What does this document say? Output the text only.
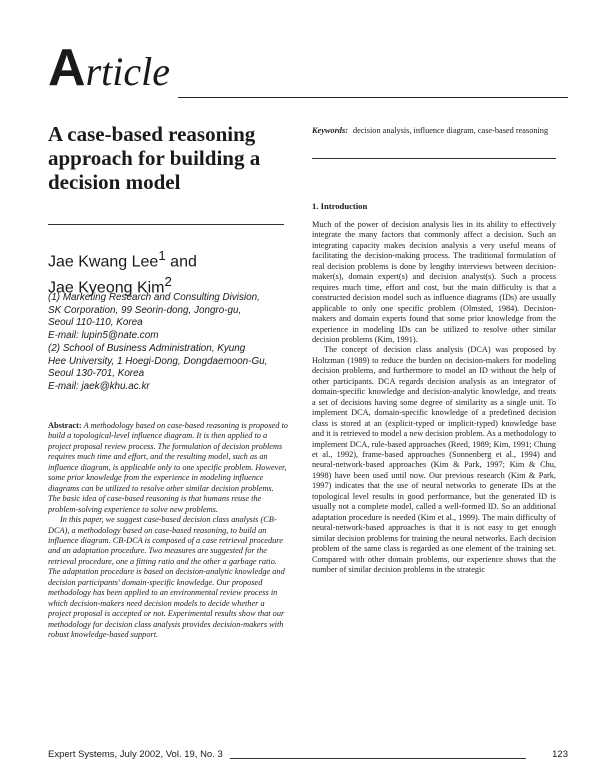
Article
A case-based reasoning approach for building a decision model
Jae Kwang Lee$^1$ and
Jae Kyeong Kim$^2$
(1) Marketing Research and Consulting Division,
SK Corporation, 99 Seorin-dong, Jongro-gu,
Seoul 110-110, Korea
E-mail: lupin5@nate.com
(2) School of Business Administration, Kyung
Hee University, 1 Hoegi-Dong, Dongdaemoon-Gu,
Seoul 130-701, Korea
E-mail: jaek@khu.ac.kr

Abstract: A methodology based on case-based reasoning is proposed to build a topological-level influence diagram. It is then applied to a project proposal review process. The formulation of decision problems requires much time and effort, and the resulting model, such as an influence diagram, is applicable only to one specific problem. However, some prior knowledge from the experience in modeling influence diagrams can be utilized to resolve other similar decision problems. The basic idea of case-based reasoning is that humans reuse the problem-solving experience to solve new problems.

In this paper, we suggest case-based decision class analysis (CB-DCA), a methodology based on case-based reasoning, to build an influence diagram. CB-DCA is composed of a case retrieval procedure and an adaptation procedure. Two measures are suggested for the retrieval procedure, one a fitting ratio and the other a garbage ratio. The adaptation procedure is based on decision-analytic knowledge and decision participants' domain-specific knowledge. Our proposed methodology has been applied to an environmental review process in which decision-makers need decision models to decide whether a project proposal is accepted or not. Experimental results show that our methodology for decision class analysis provides decision-makers with robust knowledge-based support.

Keywords: decision analysis, influence diagram, case-based reasoning
1. Introduction

Much of the power of decision analysis lies in its ability to effectively integrate the many factors that commonly affect a decision. Such an integrating capacity makes decision analysis a very useful means of facilitating the decision-making process. The traditional formulation of real decision problems is done by lengthy interviews between decision-maker(s), domain expert(s) and decision analyst(s). Such a process requires much time, effort and cost, but the main difficulty is that a constructed decision model such as influence diagrams (IDs) are usually applicable to only one specific problem (Olmsted, 1984). Decision-makers and domain experts found that some prior knowledge from the experience in modeling IDs can be utilized to resolve other similar decision problems (Kim, 1991).

The concept of decision class analysis (DCA) was proposed by Holtzman (1989) to reduce the burden on decision-makers for modeling decision problems, and furthermore to model an ID without the help of other participants. DCA regards decision analysis as an integrator of domain-specific knowledge and decision-analytic knowledge, and treats a set of decisions having some degree of similarity as a single unit. To implement DCA, domain-specific knowledge of a predefined decision class is stored at an (explicit-typed or implicit-typed) knowledge base and it is retrieved to model a new decision problem. As a methodology to implement DCA, rule-based approaches (Reed, 1989; Kim, 1991; Chung et al., 1992), frame-based approaches (Sonnenberg et al., 1994) and neural-network-based approaches (Kim & Park, 1997; Kim & Chu, 1998) have been used until now. Our previous research (Kim & Park, 1997) indicates that the use of neural networks to generate IDs at the topological level results in good performance, but the generated ID is usually not a complete model, called a well-formed ID. So an additional adaptation procedure is needed (Kim et al., 1999). The main difficulty of neural-network-based approaches is that it is not easy to get enough similar decision problems for training the neural networks. Each decision problem of the same class is regarded as one element of the training set. Compared with other domain problems, our experience shows that the number of similar decision problems in the strategic

Expert Systems, July 2002, Vol. 19, No. 3	123
